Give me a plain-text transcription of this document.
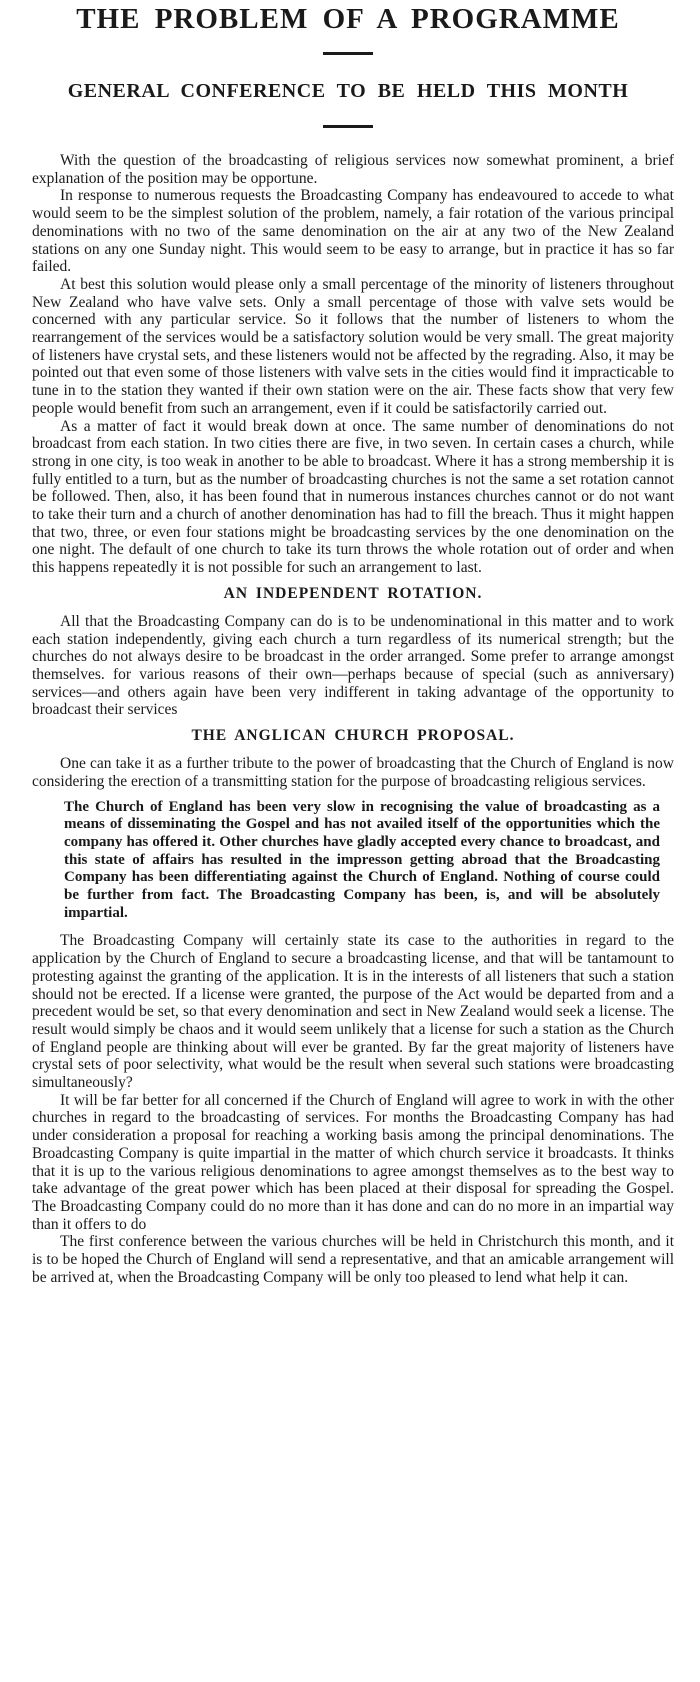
THE PROBLEM OF A PROGRAMME
GENERAL CONFERENCE TO BE HELD THIS MONTH

With the question of the broadcasting of religious services now somewhat prominent, a brief explanation of the position may be opportune.

In response to numerous requests the Broadcasting Company has endeavoured to accede to what would seem to be the simplest solution of the problem, namely, a fair rotation of the various principal denominations with no two of the same denomination on the air at any two of the New Zealand stations on any one Sunday night. This would seem to be easy to arrange, but in practice it has so far failed.

At best this solution would please only a small percentage of the minority of listeners throughout New Zealand who have valve sets. Only a small percentage of those with valve sets would be concerned with any particular service. So it follows that the number of listeners to whom the rearrangement of the services would be a satisfactory solution would be very small. The great majority of listeners have crystal sets, and these listeners would not be affected by the regrading. Also, it may be pointed out that even some of those listeners with valve sets in the cities would find it impracticable to tune in to the station they wanted if their own station were on the air. These facts show that very few people would benefit from such an arrangement, even if it could be satisfactorily carried out.

As a matter of fact it would break down at once. The same number of denominations do not broadcast from each station. In two cities there are five, in two seven. In certain cases a church, while strong in one city, is too weak in another to be able to broadcast. Where it has a strong membership it is fully entitled to a turn, but as the number of broadcasting churches is not the same a set rotation cannot be followed. Then, also, it has been found that in numerous instances churches cannot or do not want to take their turn and a church of another denomination has had to fill the breach. Thus it might happen that two, three, or even four stations might be broadcasting services by the one denomination on the one night. The default of one church to take its turn throws the whole rotation out of order and when this happens repeatedly it is not possible for such an arrangement to last.

AN INDEPENDENT ROTATION.

All that the Broadcasting Company can do is to be undenominational in this matter and to work each station independently, giving each church a turn regardless of its numerical strength; but the churches do not always desire to be broadcast in the order arranged. Some prefer to arrange amongst themselves. for various reasons of their own—perhaps because of special (such as anniversary) services—and others again have been very indifferent in taking advantage of the opportunity to broadcast their services

THE ANGLICAN CHURCH PROPOSAL.

One can take it as a further tribute to the power of broadcasting that the Church of England is now considering the erection of a transmitting station for the purpose of broadcasting religious services.

The Church of England has been very slow in recognising the value of broadcasting as a means of disseminating the Gospel and has not availed itself of the opportunities which the company has offered it. Other churches have gladly accepted every chance to broadcast, and this state of affairs has resulted in the impresson getting abroad that the Broadcasting Company has been differentiating against the Church of England. Nothing of course could be further from fact. The Broadcasting Company has been, is, and will be absolutely impartial.

The Broadcasting Company will certainly state its case to the authorities in regard to the application by the Church of England to secure a broadcasting license, and that will be tantamount to protesting against the granting of the application. It is in the interests of all listeners that such a station should not be erected. If a license were granted, the purpose of the Act would be departed from and a precedent would be set, so that every denomination and sect in New Zealand would seek a license. The result would simply be chaos and it would seem unlikely that a license for such a station as the Church of England people are thinking about will ever be granted. By far the great majority of listeners have crystal sets of poor selectivity, what would be the result when several such stations were broadcasting simultaneously?

It will be far better for all concerned if the Church of England will agree to work in with the other churches in regard to the broadcasting of services. For months the Broadcasting Company has had under consideration a proposal for reaching a working basis among the principal denominations. The Broadcasting Company is quite impartial in the matter of which church service it broadcasts. It thinks that it is up to the various religious denominations to agree amongst themselves as to the best way to take advantage of the great power which has been placed at their disposal for spreading the Gospel. The Broadcasting Company could do no more than it has done and can do no more in an impartial way than it offers to do

The first conference between the various churches will be held in Christchurch this month, and it is to be hoped the Church of England will send a representative, and that an amicable arrangement will be arrived at, when the Broadcasting Company will be only too pleased to lend what help it can.
